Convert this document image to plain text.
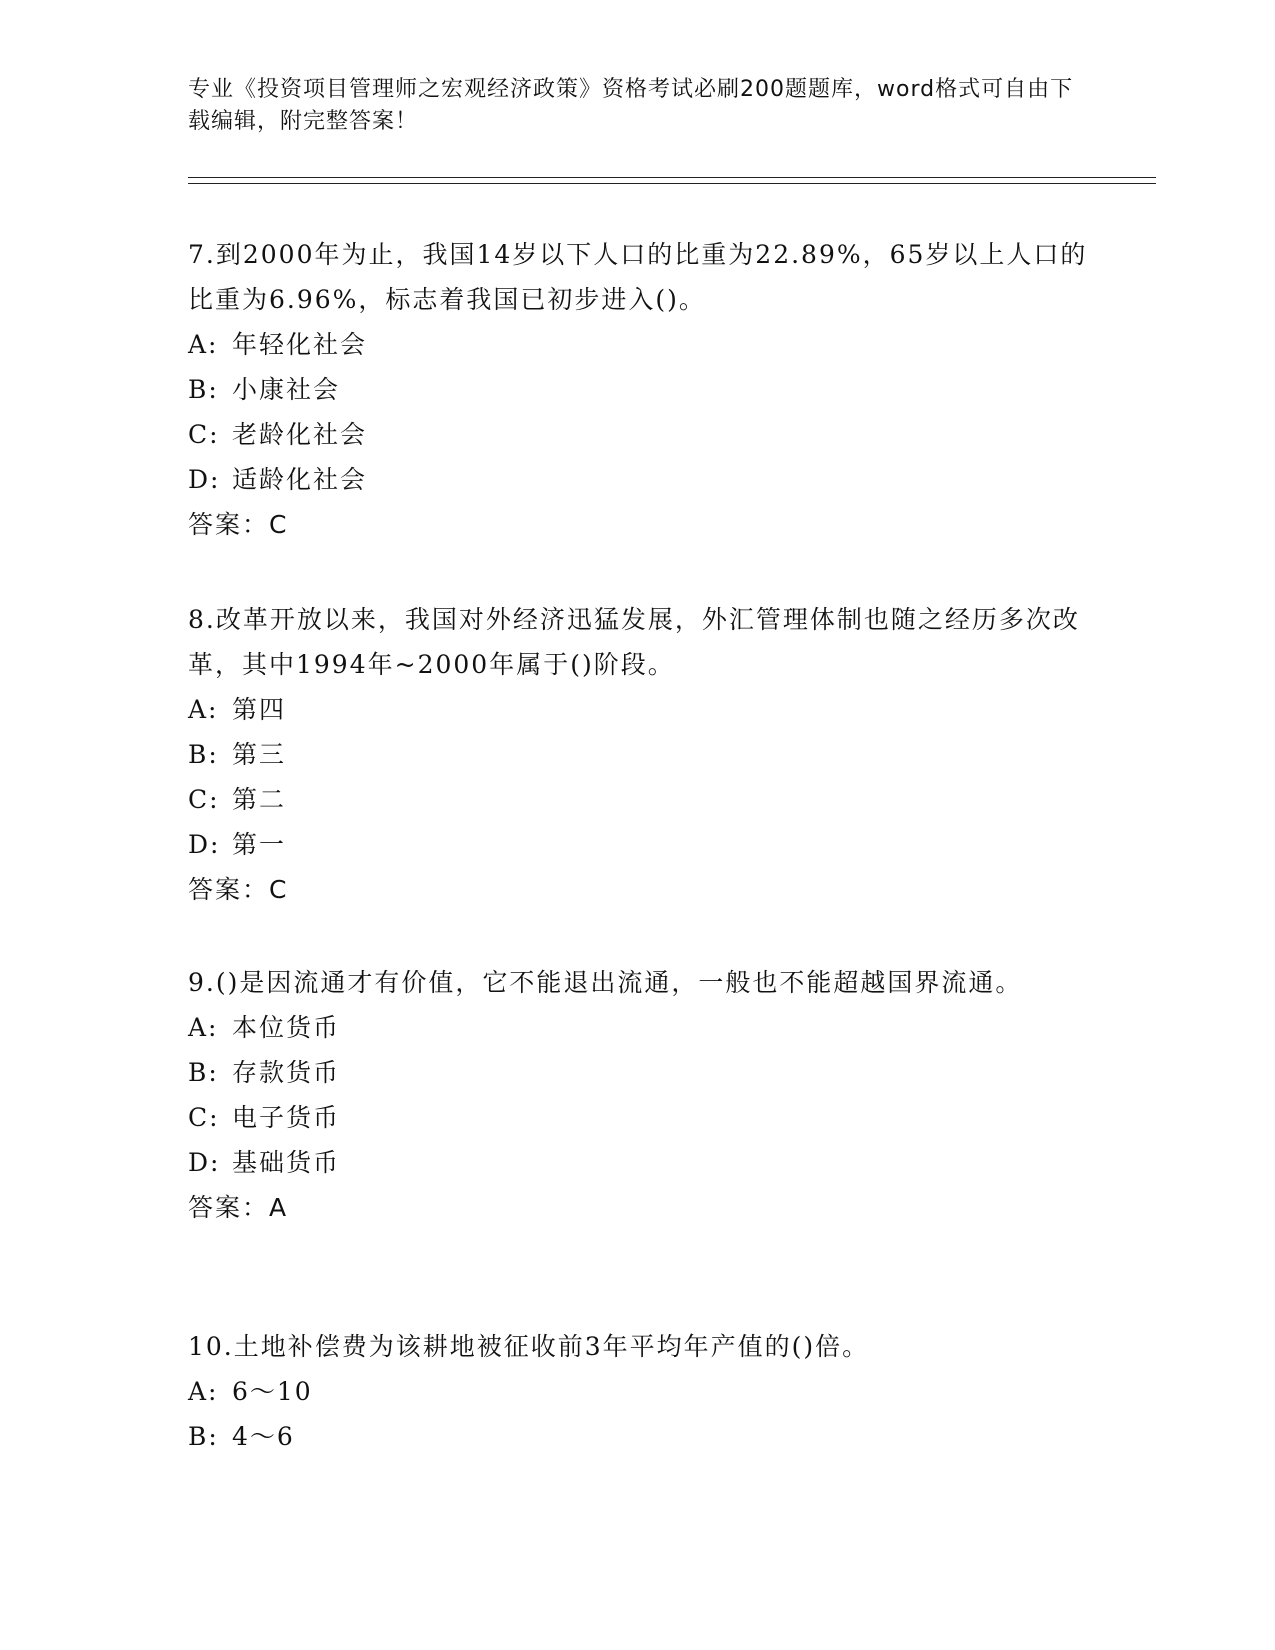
专业《投资项目管理师之宏观经济政策》资格考试必刷200题题库，word格式可自由下载编辑，附完整答案！

7.到2000年为止，我国14岁以下人口的比重为22.89%，65岁以上人口的比重为6.96%，标志着我国已初步进入()。

A: 年轻化社会

B: 小康社会

C: 老龄化社会

D: 适龄化社会

答案：C

8.改革开放以来，我国对外经济迅猛发展，外汇管理体制也随之经历多次改革，其中1994年~2000年属于()阶段。

A: 第四

B: 第三

C: 第二

D: 第一

答案：C

9.()是因流通才有价值，它不能退出流通，一般也不能超越国界流通。

A: 本位货币

B: 存款货币

C: 电子货币

D: 基础货币

答案：A

10.土地补偿费为该耕地被征收前3年平均年产值的()倍。

A: 6～10

B: 4～6
